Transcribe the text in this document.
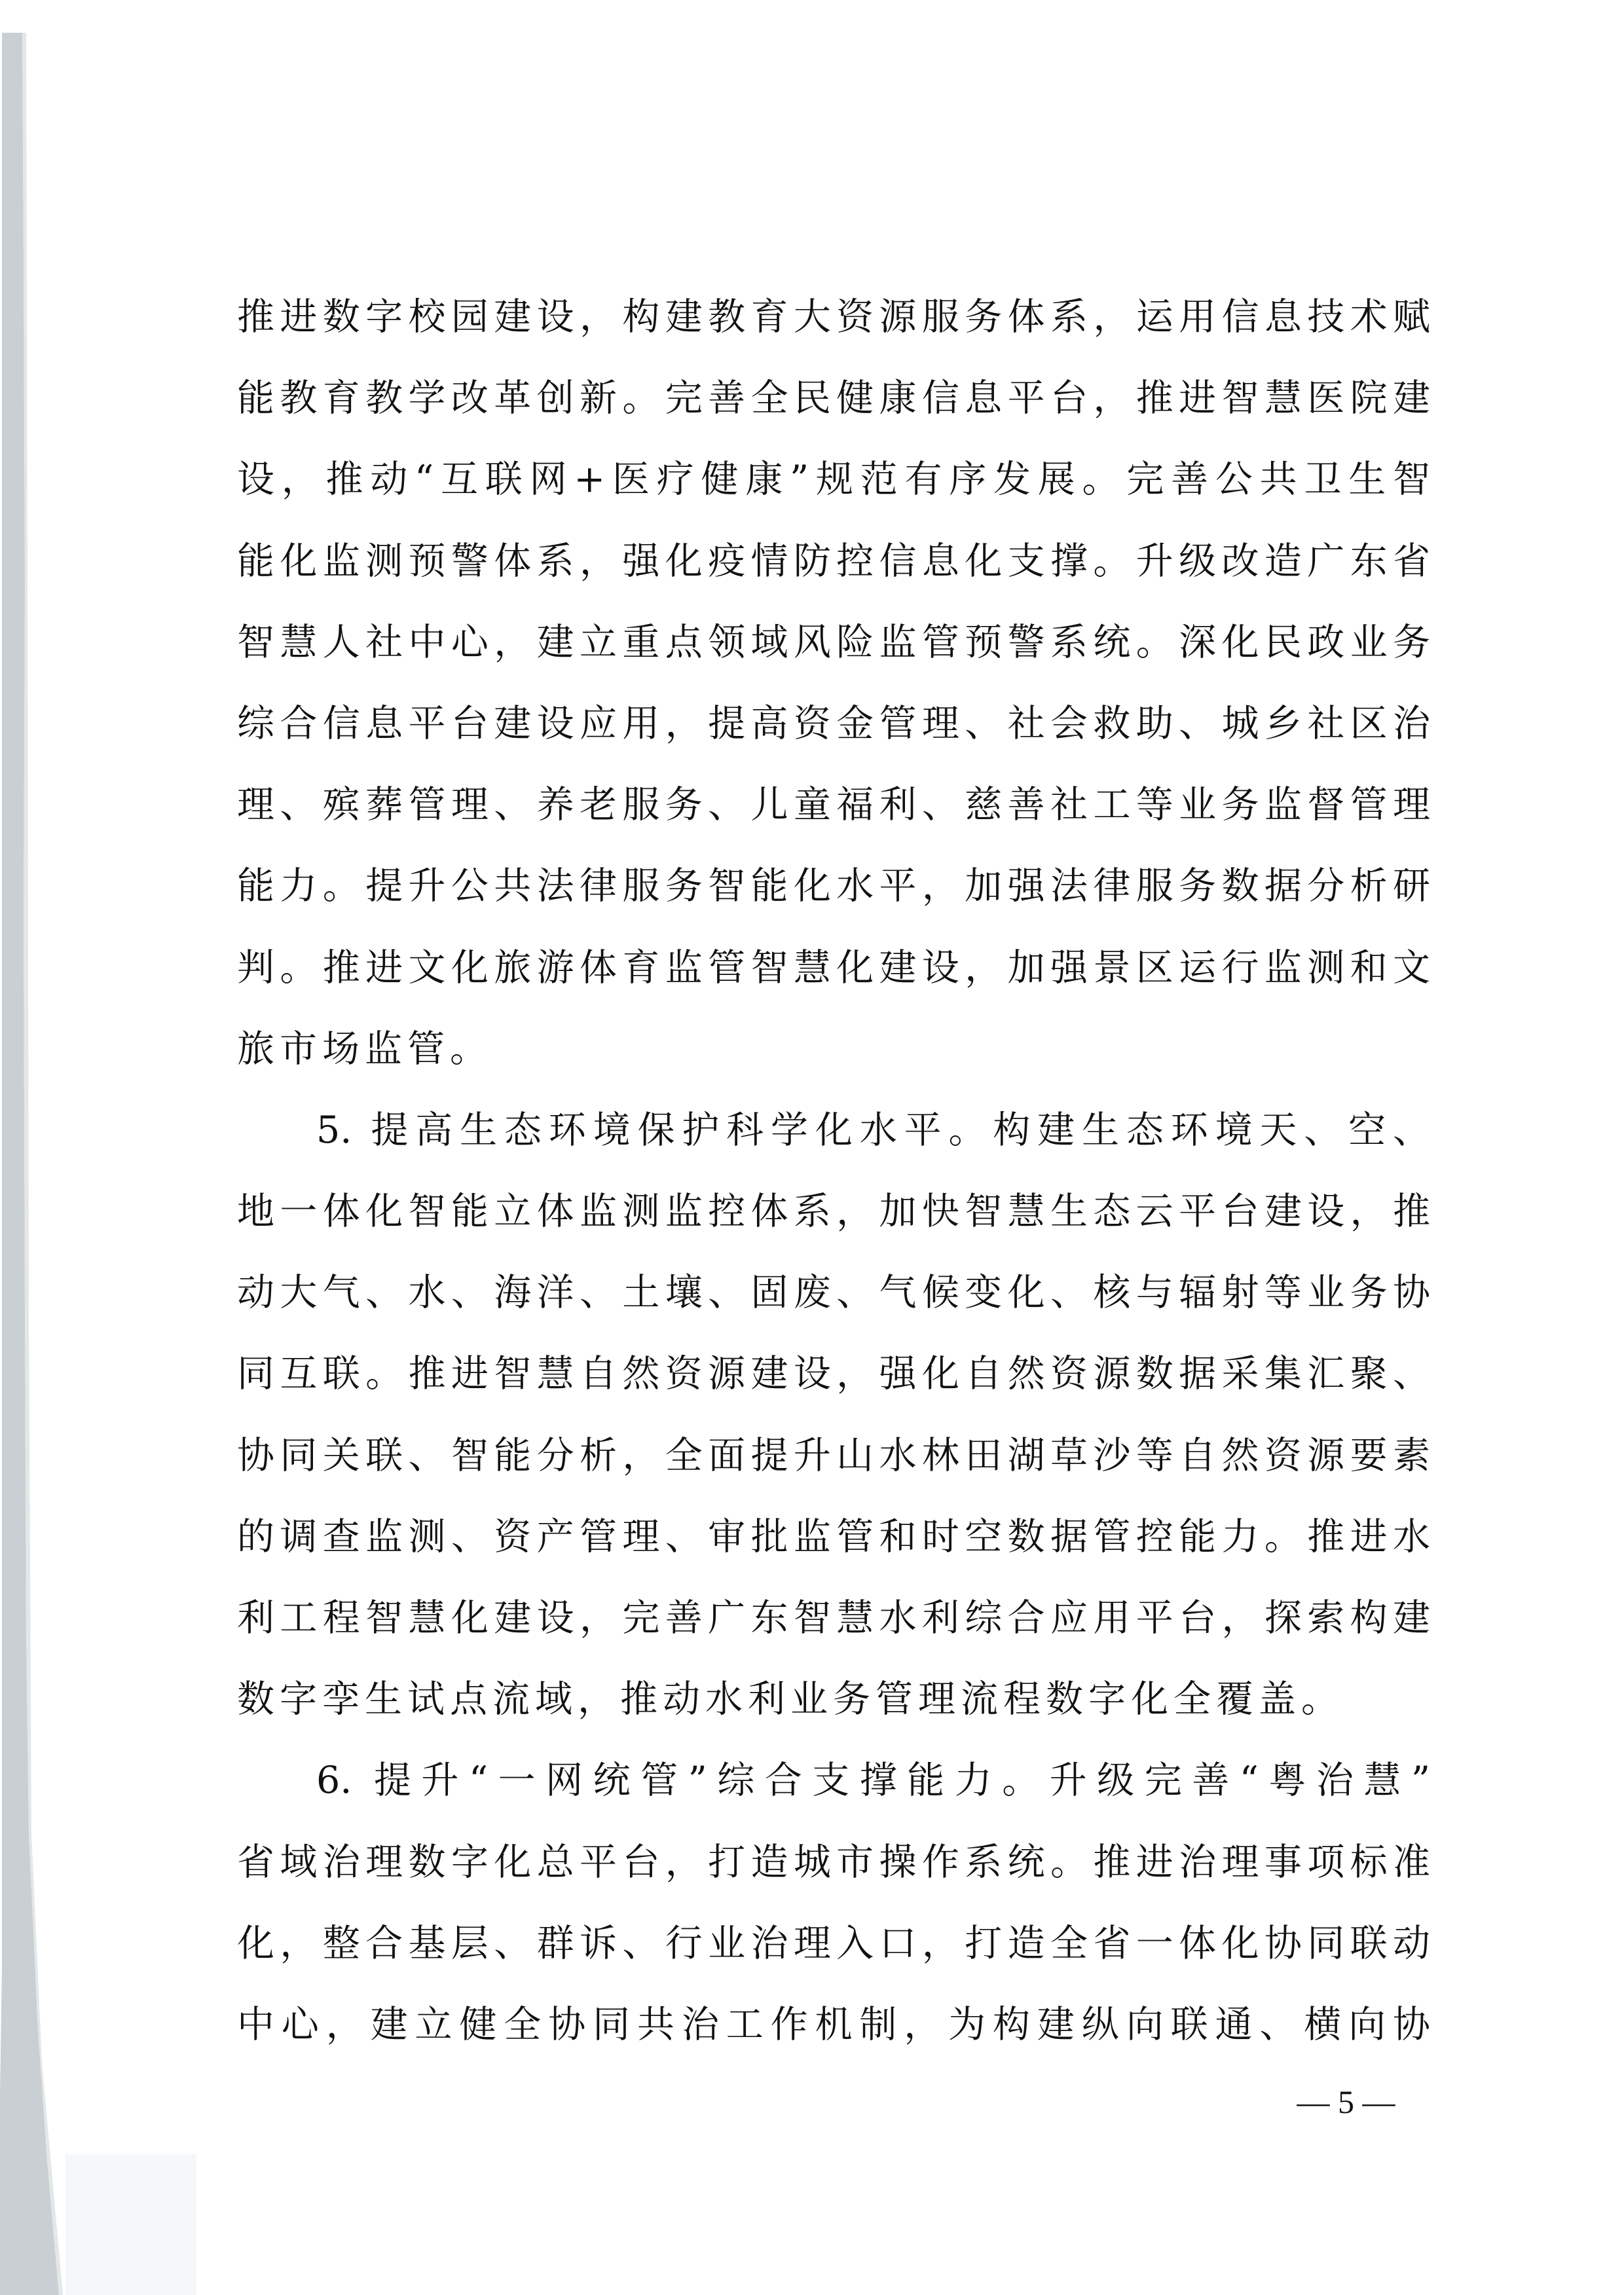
推进数字校园建设，构建教育大资源服务体系，运用信息技术赋
能教育教学改革创新。完善全民健康信息平台，推进智慧医院建
设，推动“互联网+医疗健康”规范有序发展。完善公共卫生智
能化监测预警体系，强化疫情防控信息化支撑。升级改造广东省
智慧人社中心，建立重点领域风险监管预警系统。深化民政业务
综合信息平台建设应用，提高资金管理、社会救助、城乡社区治
理、殡葬管理、养老服务、儿童福利、慈善社工等业务监督管理
能力。提升公共法律服务智能化水平，加强法律服务数据分析研
判。推进文化旅游体育监管智慧化建设，加强景区运行监测和文
旅市场监管。
5. 提高生态环境保护科学化水平。构建生态环境天、空、
地一体化智能立体监测监控体系，加快智慧生态云平台建设，推
动大气、水、海洋、土壤、固废、气候变化、核与辐射等业务协
同互联。推进智慧自然资源建设，强化自然资源数据采集汇聚、
协同关联、智能分析，全面提升山水林田湖草沙等自然资源要素
的调查监测、资产管理、审批监管和时空数据管控能力。推进水
利工程智慧化建设，完善广东智慧水利综合应用平台，探索构建
数字孪生试点流域，推动水利业务管理流程数字化全覆盖。
6. 提升“一网统管”综合支撑能力。升级完善“粤治慧”
省域治理数字化总平台，打造城市操作系统。推进治理事项标准
化，整合基层、群诉、行业治理入口，打造全省一体化协同联动
中心，建立健全协同共治工作机制，为构建纵向联通、横向协
— 5 —
